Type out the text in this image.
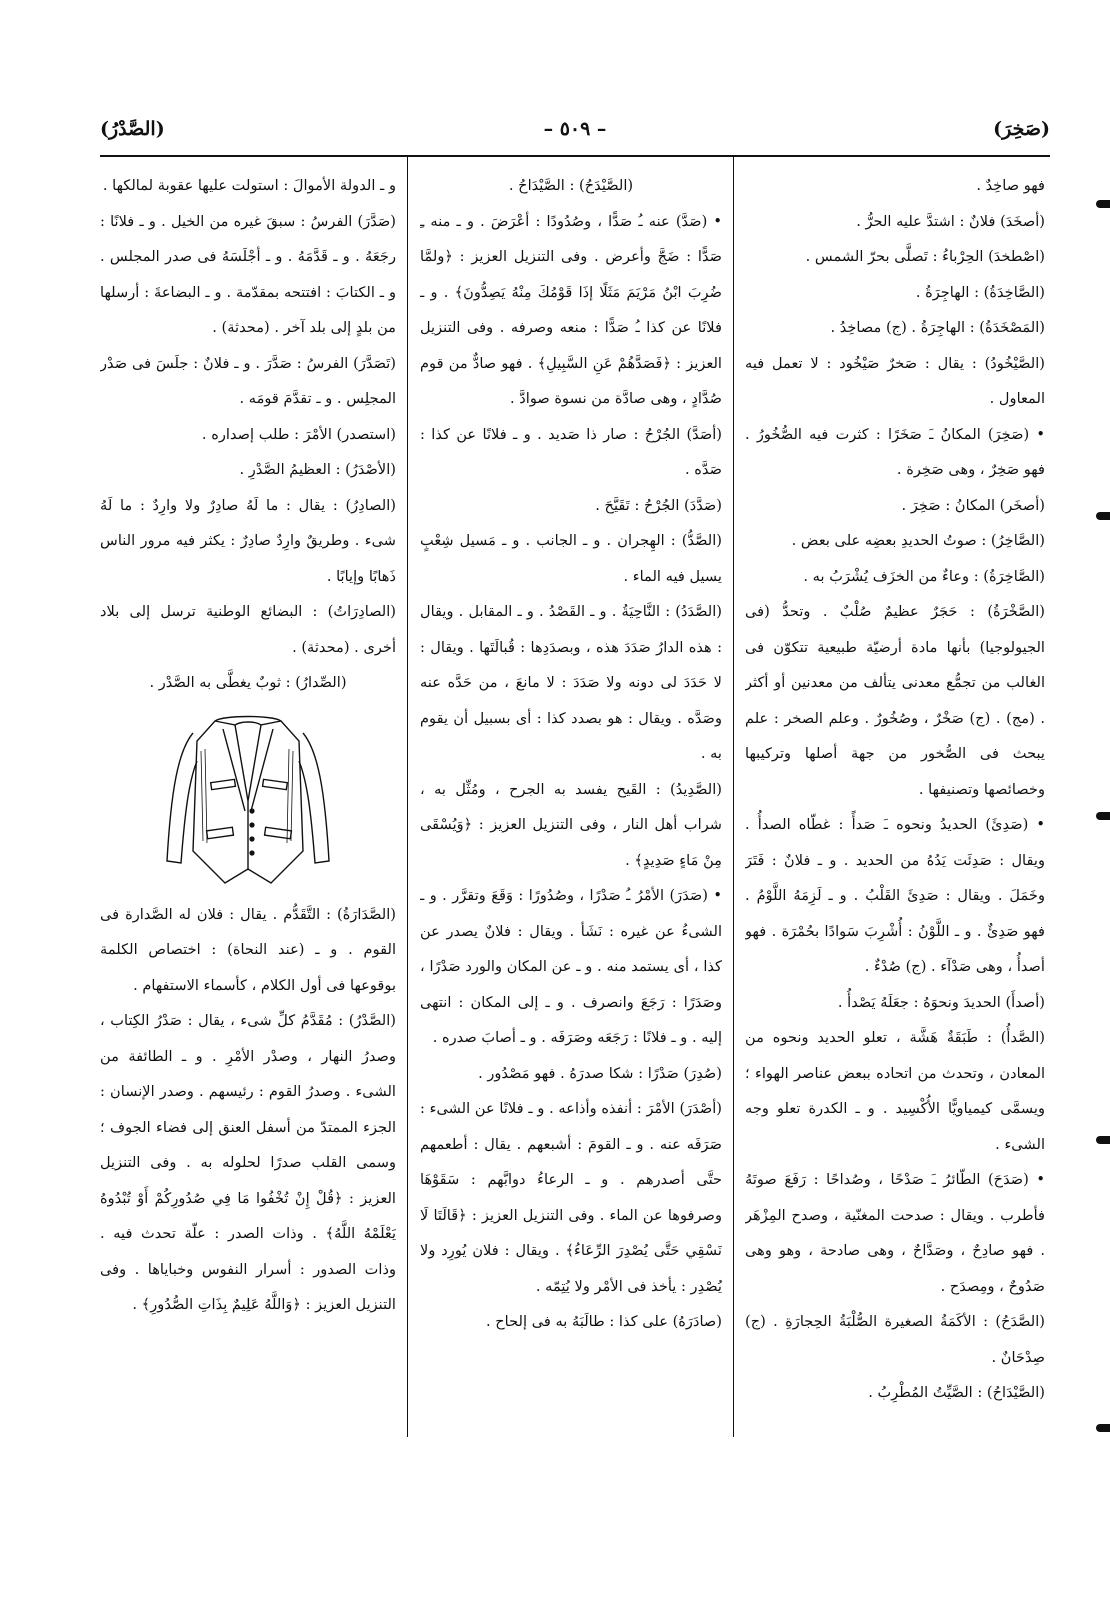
(الصَّدْرُ)	– ٥٠٩ –	(صَخِرَ)

فهو صاخِدٌ .

(أصخَدَ) فلانٌ : اشتدَّ عليه الحرُّ .

(اصْطخدَ) الحِرْباءُ : تَصلَّى بحرّ الشمس .

(الصَّاخِدَةُ) : الهاجِرَةُ .

(المَصْخَدَةُ) : الهاجِرَةُ . (ج) مصاخِدُ .

(الصَّيْخُودُ) : يقال : صَخرٌ صَيْخُود : لا تعمل فيه المعاول .

• (صَخِرَ) المكانُ ـَ صَخَرًا : كثرت فيه الصُّخُورُ . فهو صَخِرٌ ، وهى صَخِرة .

(أصخَر) المكانُ : صَخِرَ .

(الصَّاخِرُ) : صوتُ الحديدِ بعضِه على بعض .

(الصَّاخِرَةُ) : وعاءٌ من الخزَف يُشْرَبُ به .

(الصَّخْرَةُ) : حَجَرٌ عظيمٌ صُلْبٌ . وتحدُّ (فى الجيولوجيا) بأنها مادة أرضيّة طبيعية تتكوّن فى الغالب من تجمُّع معدنى يتألف من معدنين أو أكثر . (مج) . (ج) صَخْرٌ ، وصُخُورٌ . وعلم الصخر : علم يبحث فى الصُّخور من جهة أصلها وتركيبها وخصائصها وتصنيفها .

• (صَدِئَ) الحديدُ ونحوه ـَ صَدأً : غطّاه الصدأُ . ويقال : صَدِئَت يَدُهُ من الحديد . و ـ فلانٌ : فَتَرَ وخَمَلَ . ويقال : صَدِئَ القَلْبُ . و ـ لَزِمَهُ اللَّوْمُ . فهو صَدِئٌ . و ـ اللَّوْنُ : أُشْرِبَ سَوادًا بحُمْرَة . فهو أصدأُ ، وهى صَدْآء . (ج) صُدْءٌ .

(أصدأَ) الحديدَ ونحوَهُ : جعَلَهُ يَصْدأُ .

(الصَّدأُ) : طَبَقَةٌ هَشَّة ، تعلو الحديد ونحوه من المعادن ، وتحدث من اتحاده ببعض عناصر الهواء ؛ ويسمَّى كيمياويًّا الأُكْسِيد . و ـ الكدرة تعلو وجه الشىء .

• (صَدَحَ) الطّائرُ ـَ صَدْحًا ، وصُداحًا : رَفَعَ صوتَهُ فأطرب . ويقال : صدحت المغنّية ، وصدح المِزْهَر . فهو صادِحٌ ، وصَدَّاحٌ ، وهى صادحة ، وهو وهى صَدُوحٌ ، ومِصدَح .

(الصَّدَحُ) : الأكَمَةُ الصغيرة الصُّلْبَةُ الحِجارَةِ . (ج) صِدْحَانٌ .

(الصَّيْدَاحُ) : الصَّيِّتُ المُطْرِبُ .

(الصَّيْدَحُ) : الصَّيْدَاحُ .

• (صَدَّ) عنه ـُ صَدًّا ، وصُدُودًا : أعْرَضَ . و ـ منه ـِ صَدًّا : ضَجَّ وأعرض . وفى التنزيل العزيز : ﴿ولمَّا ضُرِبَ ابْنُ مَرْيَمَ مَثَلًا إذَا قَوْمُكَ مِنْهُ يَصِدُّونَ﴾ . و ـ فلانًا عن كذا ـُ صَدًّا : منعه وصرفه . وفى التنزيل العزيز : ﴿فَصَدَّهُمْ عَنِ السَّبِيلِ﴾ . فهو صادٌّ من قوم صُدَّادٍ ، وهى صادَّة من نسوة صوادَّ .

(أصَدَّ) الجُرْحُ : صار ذا صَديد . و ـ فلانًا عن كذا : صَدَّه .

(صَدَّدَ) الجُرْحُ : تَقَيَّحَ .

(الصَّدُّ) : الهِجران . و ـ الجانب . و ـ مَسيل شِعْبٍ يسيل فيه الماء .

(الصَّدَدُ) : النَّاحِيَةُ . و ـ القَصْدُ . و ـ المقابل . ويقال : هذه الدارُ صَدَدَ هذه ، وبصدَدِها : قُبالَتَها . ويقال : لا حَدَدَ لى دونه ولا صَدَدَ : لا مانعَ ، من حَدَّه عنه وصَدَّه . ويقال : هو بصدد كذا : أى بسبيل أن يقوم به .

(الصَّدِيدُ) : القَيح يفسد به الجرح ، ومُثِّل به ، شراب أهل النار ، وفى التنزيل العزيز : ﴿وَيُسْقَى مِنْ مَاءٍ صَدِيدٍ﴾ .

• (صَدَرَ) الأمْرُ ـُ صَدْرًا ، وصُدُورًا : وَقَعَ وتقرَّر . و ـ الشىءُ عن غيره : نَشَأ . ويقال : فلانٌ يصدر عن كذا ، أى يستمد منه . و ـ عن المكان والورد صَدْرًا ، وصَدَرًا : رَجَعَ وانصرف . و ـ إلى المكان : انتهى إليه . و ـ فلانًا : رَجَعَه وصَرَفَه . و ـ أصابَ صدره .

(صُدِرَ) صَدْرًا : شكا صدرَهُ . فهو مَصْدُور .

(أصْدَرَ) الأمْرَ : أنفذه وأذاعه . و ـ فلانًا عن الشىء : صَرَفَه عنه . و ـ القومَ : أشبعهم . يقال : أطعمهم حتَّى أصدرهم . و ـ الرعاءُ دوابَّهم : سَقَوْهَا وصرفوها عن الماء . وفى التنزيل العزيز : ﴿قَالَتَا لَا نَسْقِي حَتَّى يُصْدِرَ الرِّعَاءُ﴾ . ويقال : فلان يُورِد ولا يُصْدِر : يأخذ فى الأمْر ولا يُتِمّه .

(صادَرَهُ) على كذا : طالَبَهُ به فى إلحاح .

و ـ الدولة الأموالَ : استولت عليها عقوبة لمالكها .

(صَدَّرَ) الفرسُ : سبقَ غيره من الخيل . و ـ فلانًا : رجَعَهُ . و ـ قَدَّمَهُ . و ـ أجْلَسَهُ فى صدر المجلس . و ـ الكتابَ : افتتحه بمقدّمة . و ـ البضاعةَ : أرسلها من بلدٍ إلى بلد آخر . (محدثة) .

(تَصَدَّرَ) الفرسُ : صَدَّرَ . و ـ فلانٌ : جلَسَ فى صَدْر المجلِس . و ـ تقدَّمَ قومَه .

(استصدر) الأمْرَ : طلب إصداره .

(الأصْدَرُ) : العظيمُ الصَّدْرِ .

(الصادِرُ) : يقال : ما لَهُ صادِرٌ ولا وارِدٌ : ما لَهُ شىء . وطريقٌ وارِدٌ صادِرٌ : يكثر فيه مرور الناس ذَهابًا وإيابًا .

(الصادِرَاتُ) : البضائع الوطنية ترسل إلى بلاد أخرى . (محدثة) .

(الصِّدارُ) : ثوبٌ يغطَّى به الصَّدْر .

(الصَّدَارَةُ) : التَّقَدُّم . يقال : فلان له الصَّدارة فى القوم . و ـ (عند النحاة) : اختصاص الكلمة بوقوعها فى أول الكلام ، كأسماء الاستفهام .

(الصَّدْرُ) : مُقَدَّمُ كلِّ شىء ، يقال : صَدْرُ الكِتاب ، وصدرُ النهار ، وصدْر الأمْرِ . و ـ الطائفة من الشىء . وصدرُ القوم : رئيسهم . وصدر الإنسان : الجزء الممتدّ من أسفل العنق إلى فضاء الجوف ؛ وسمى القلب صدرًا لحلوله به . وفى التنزيل العزيز : ﴿قُلْ إِنْ تُخْفُوا مَا فِي صُدُورِكُمْ أَوْ تُبْدُوهُ يَعْلَمْهُ اللَّهُ﴾ . وذات الصدر : علّة تحدث فيه . وذات الصدور : أسرار النفوس وخباياها . وفى التنزيل العزيز : ﴿وَاللَّهُ عَلِيمٌ بِذَاتِ الصُّدُورِ﴾ .
